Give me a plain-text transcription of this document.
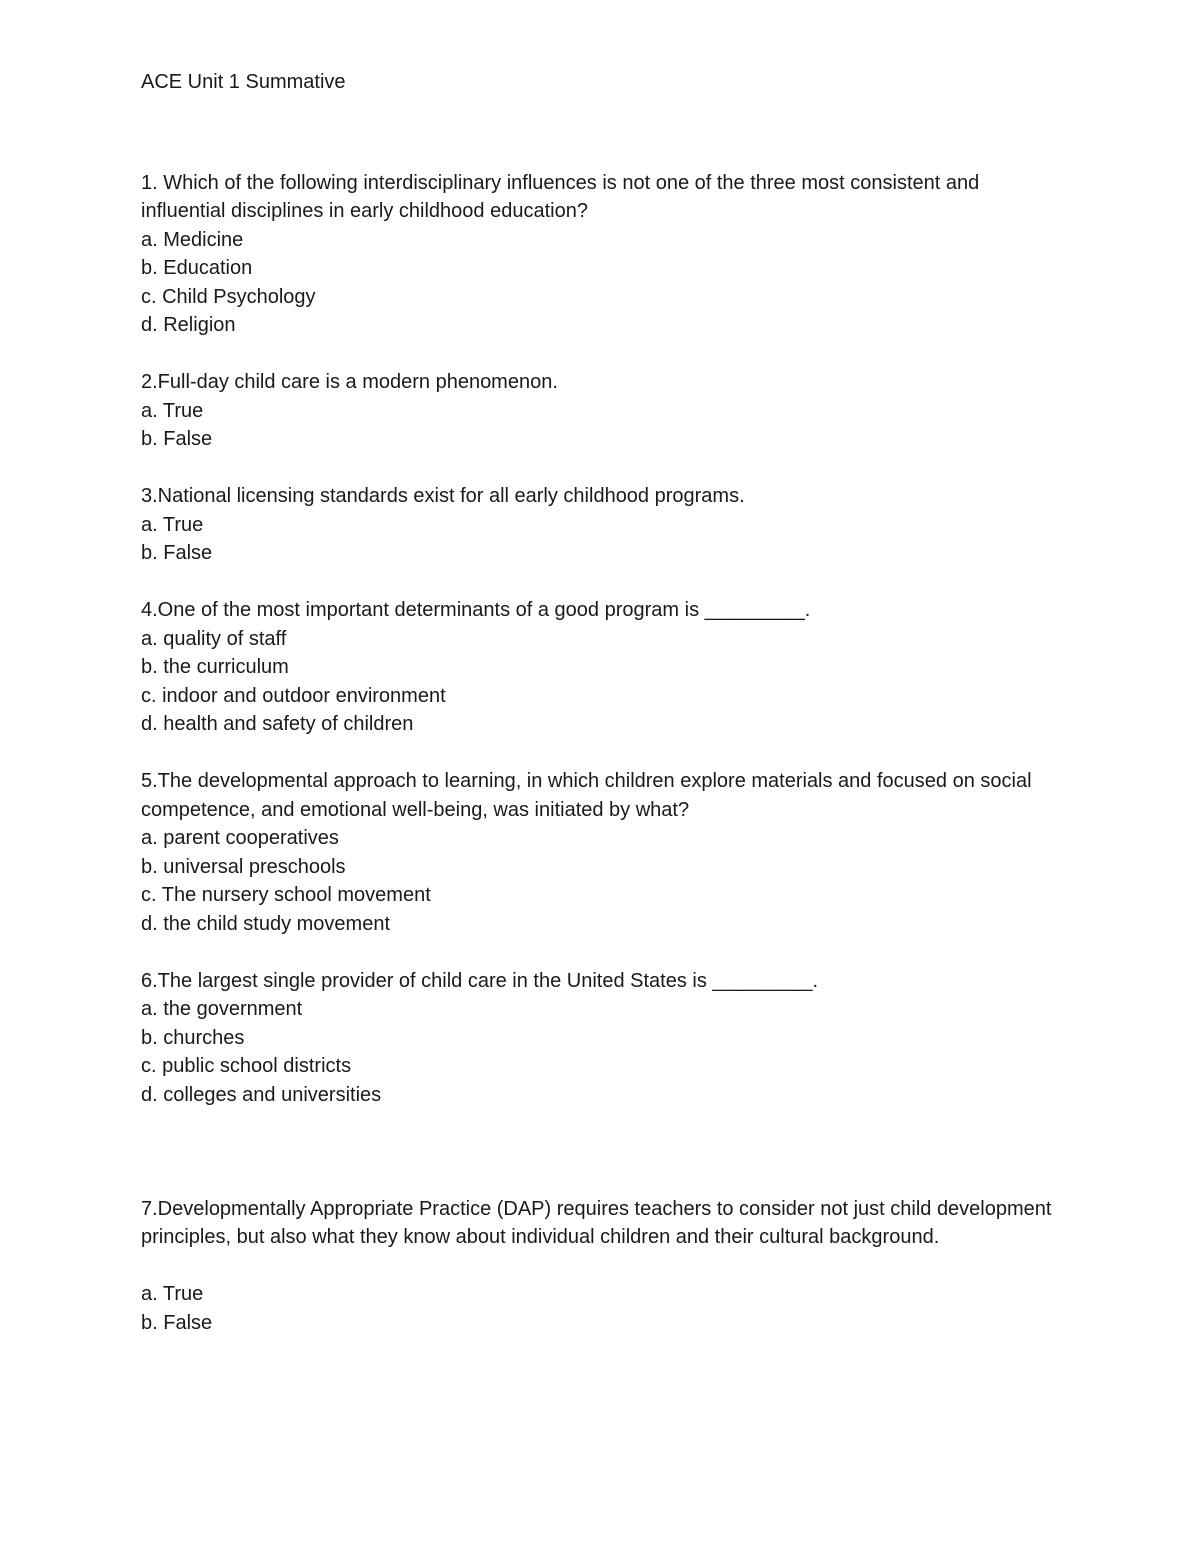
ACE Unit 1 Summative

1. Which of the following interdisciplinary influences is not one of the three most consistent and influential disciplines in early childhood education?

a. Medicine
b. Education
c. Child Psychology
d. Religion

2.Full-day child care is a modern phenomenon.

a. True
b. False

3.National licensing standards exist for all early childhood programs.

a. True
b. False

4.One of the most important determinants of a good program is _________.

a. quality of staff
b. the curriculum
c. indoor and outdoor environment
d. health and safety of children

5.The developmental approach to learning, in which children explore materials and focused on social competence, and emotional well-being, was initiated by what?

a. parent cooperatives
b. universal preschools
c. The nursery school movement
d. the child study movement

6.The largest single provider of child care in the United States is _________.

a. the government
b. churches
c. public school districts
d. colleges and universities

7.Developmentally Appropriate Practice (DAP) requires teachers to consider not just child development principles, but also what they know about individual children and their cultural background.

a. True
b. False
